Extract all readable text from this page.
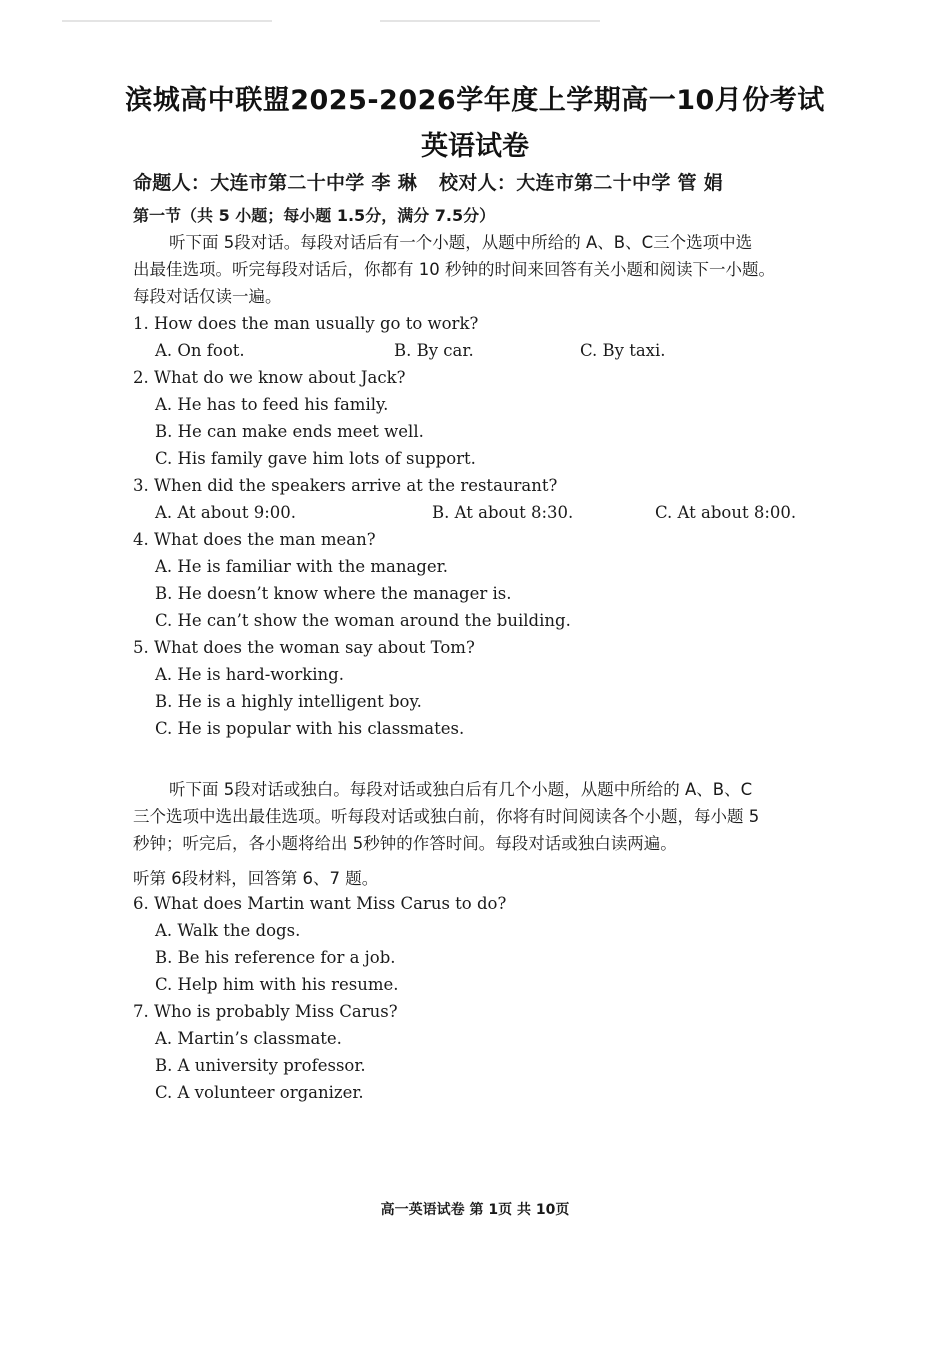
滨城高中联盟2025-2026学年度上学期高一10月份考试
英语试卷
命题人：大连市第二十中学 李 琳 校对人：大连市第二十中学 管 娟
第一节（共 5 小题；每小题 1.5分，满分 7.5分）
听下面 5段对话。每段对话后有一个小题，从题中所给的 A、B、C三个选项中选
出最佳选项。听完每段对话后，你都有 10 秒钟的时间来回答有关小题和阅读下一小题。
每段对话仅读一遍。
1. How does the man usually go to work?
A. On foot.	B. By car.	C. By taxi.
2. What do we know about Jack?
A. He has to feed his family.
B. He can make ends meet well.
C. His family gave him lots of support.
3. When did the speakers arrive at the restaurant?
A. At about 9:00.	B. At about 8:30.	C. At about 8:00.
4. What does the man mean?
A. He is familiar with the manager.
B. He doesn’t know where the manager is.
C. He can’t show the woman around the building.
5. What does the woman say about Tom?
A. He is hard-working.
B. He is a highly intelligent boy.
C. He is popular with his classmates.
听下面 5段对话或独白。每段对话或独白后有几个小题，从题中所给的 A、B、C
三个选项中选出最佳选项。听每段对话或独白前，你将有时间阅读各个小题，每小题 5
秒钟；听完后，各小题将给出 5秒钟的作答时间。每段对话或独白读两遍。
听第 6段材料，回答第 6、7 题。
6. What does Martin want Miss Carus to do?
A. Walk the dogs.
B. Be his reference for a job.
C. Help him with his resume.
7. Who is probably Miss Carus?
A. Martin’s classmate.
B. A university professor.
C. A volunteer organizer.
高一英语试卷 第 1页 共 10页
